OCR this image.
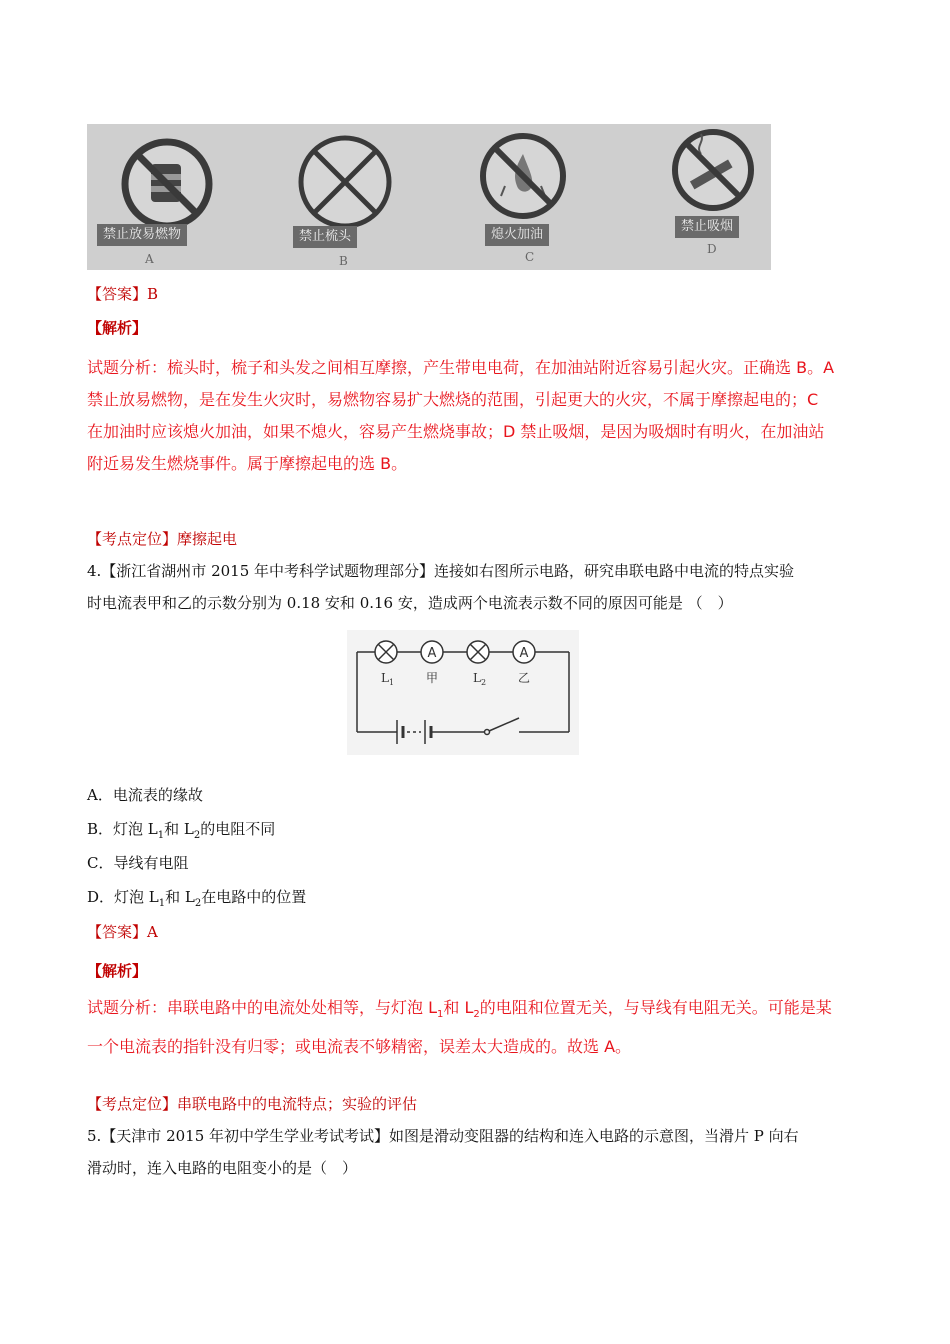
禁止放易燃物
A
禁止梳头
B
熄火加油
C
禁止吸烟
D
【答案】B
【解析】
试题分析：梳头时，梳子和头发之间相互摩擦，产生带电电荷，在加油站附近容易引起火灾。正确选 B。A
禁止放易燃物，是在发生火灾时，易燃物容易扩大燃烧的范围，引起更大的火灾，不属于摩擦起电的；C
在加油时应该熄火加油，如果不熄火，容易产生燃烧事故；D 禁止吸烟，是因为吸烟时有明火，在加油站
附近易发生燃烧事件。属于摩擦起电的选 B。
【考点定位】摩擦起电
4.【浙江省湖州市 2015 年中考科学试题物理部分】连接如右图所示电路，研究串联电路中电流的特点实验
时电流表甲和乙的示数分别为 0.18 安和 0.16 安，造成两个电流表示数不同的原因可能是 （　）
A	A
$L_1$	甲	$L_2$	乙
A．电流表的缘故
B．灯泡 $L_1$和 $L_2$的电阻不同
C．导线有电阻
D．灯泡 $L_1$和 $L_2$在电路中的位置
【答案】A
【解析】
试题分析：串联电路中的电流处处相等，与灯泡 $L_1$和 $L_2$的电阻和位置无关，与导线有电阻无关。可能是某
一个电流表的指针没有归零；或电流表不够精密，误差太大造成的。故选 A。
【考点定位】串联电路中的电流特点；实验的评估
5.【天津市 2015 年初中学生学业考试考试】如图是滑动变阻器的结构和连入电路的示意图，当滑片 P 向右
滑动时，连入电路的电阻变小的是（　）
